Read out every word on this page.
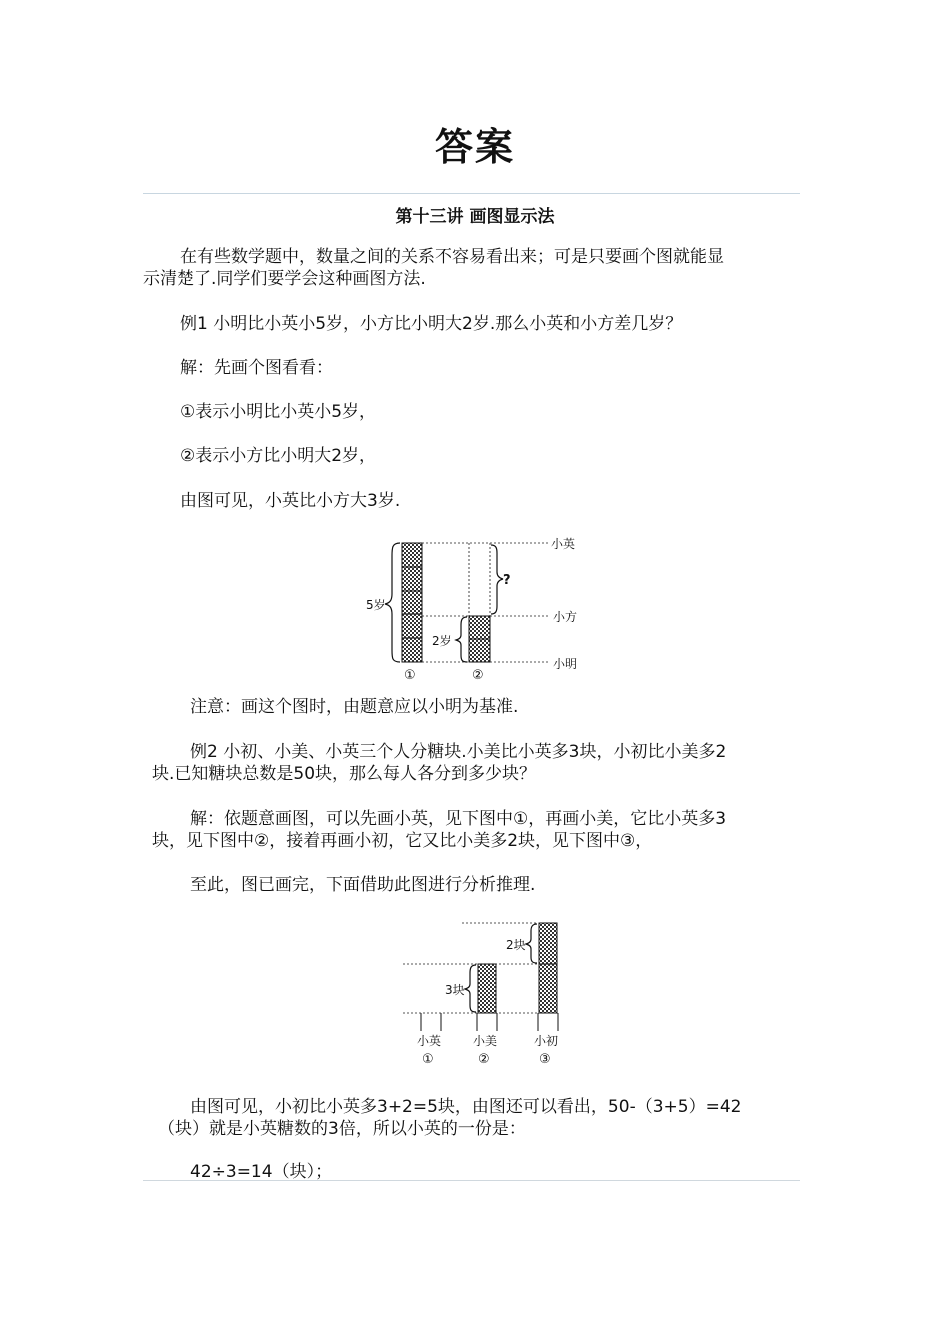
答案
第十三讲 画图显示法
在有些数学题中，数量之间的关系不容易看出来；可是只要画个图就能显
示清楚了.同学们要学会这种画图方法.
例1 小明比小英小5岁，小方比小明大2岁.那么小英和小方差几岁？
解：先画个图看看：
①表示小明比小英小5岁，
②表示小方比小明大2岁，
由图可见，小英比小方大3岁.
5岁
?
2岁
小英
小方
小明
①	②
注意：画这个图时，由题意应以小明为基准.
例2 小初、小美、小英三个人分糖块.小美比小英多3块，小初比小美多2
块.已知糖块总数是50块，那么每人各分到多少块？
解：依题意画图，可以先画小英，见下图中①，再画小美，它比小英多3
块，见下图中②，接着再画小初，它又比小美多2块，见下图中③，
至此，图已画完，下面借助此图进行分析推理.
3块
2块
小英	小美	小初
①	②	③
由图可见，小初比小英多3+2=5块，由图还可以看出，50-（3+5）=42
（块）就是小英糖数的3倍，所以小英的一份是：
42÷3=14（块）；
